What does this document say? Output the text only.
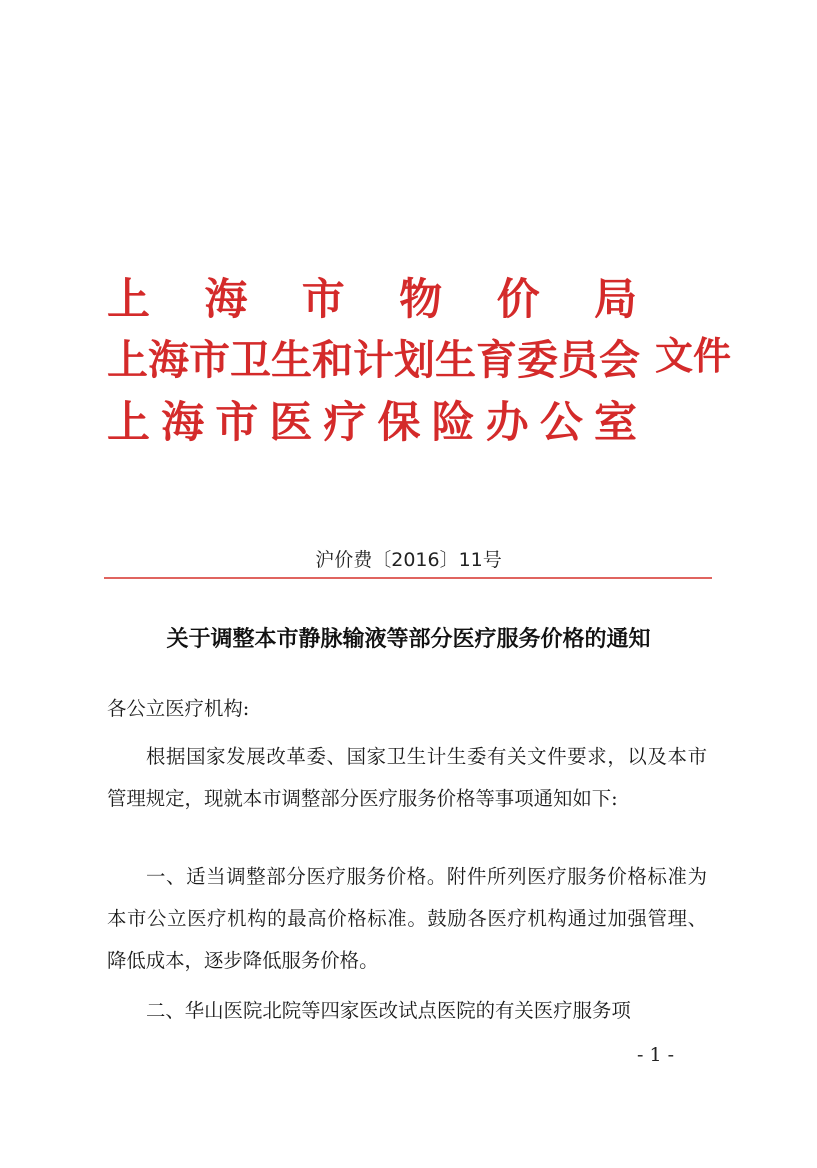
上 海 市 物 价 局
上海市卫生和计划生育委员会
上 海 市 医 疗 保 险 办 公 室
文件
沪价费〔2016〕11号
关于调整本市静脉输液等部分医疗服务价格的通知
各公立医疗机构:
根据国家发展改革委、国家卫生计生委有关文件要求，以及本市管理规定，现就本市调整部分医疗服务价格等事项通知如下:
一、适当调整部分医疗服务价格。附件所列医疗服务价格标准为本市公立医疗机构的最高价格标准。鼓励各医疗机构通过加强管理、降低成本，逐步降低服务价格。
二、华山医院北院等四家医改试点医院的有关医疗服务项
- 1 -
